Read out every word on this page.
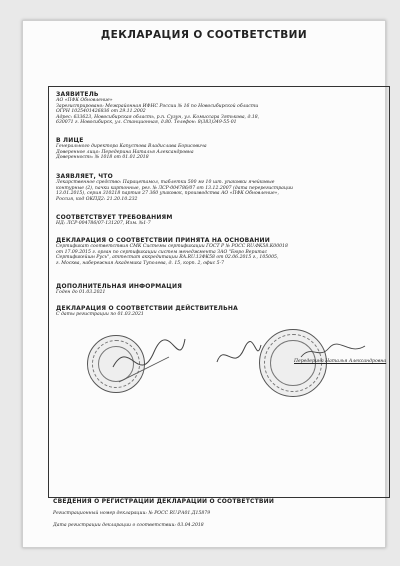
ДЕКЛАРАЦИЯ О СООТВЕТСТВИИ

ЗАЯВИТЕЛЬ

АО «ПФК Обновление»

Зарегистрировано: Межрайонная ИФНС России № 16 по Новосибирской области

ОГРН 1025401426836 от 29.11.2002

Адрес: 633623, Новосибирская область, р.п. Сузун, ул. Комиссара Зятькова, д.18,

630071 г. Новосибирск, ул. Станционная, д.80. Телефон: 8(383)349-55-01

В ЛИЦЕ

Генерального директора Капустова Владислава Борисовича

Доверенное лицо: Передерина Наталья Александровна

Доверенность: № 1018 от 01.01.2018

ЗАЯВЛЯЕТ, ЧТО

Лекарственное средство: Парацетамол, таблетки 500 мг 10 шт. упаковки ячейковые

контурные (2), пачки картонные, рег. № ЛСР-004786/07 от 13.12.2007 (дата перерегистрации

13.01.2015), серия 310218 партия 27 360 упаковок, производства АО «ПФК Обновление»,

Россия, код ОКПД2: 21.20.10.232

СООТВЕТСТВУЕТ ТРЕБОВАНИЯМ

НД: ЛСР-004786/07-131207, Изм. №1-7

ДЕКЛАРАЦИЯ О СООТВЕТСТВИИ ПРИНЯТА НА ОСНОВАНИИ

Сертификат соответствия СМК Системы сертификации ГОСТ Р № РОСС RU.ФК58.К00018

от 17.09.2015 г. орган по сертификации систем менеджмента ЗАО "Бюро Веритас

Сертификейшн Русь", аттестат аккредитации RA.RU.13ФК58 от 02.06.2015 г., 105005,

г. Москва, набережная Академика Туполева, д. 15, корп. 2, офис 5-7

ДОПОЛНИТЕЛЬНАЯ ИНФОРМАЦИЯ

Годен до 01.03.2021

ДЕКЛАРАЦИЯ О СООТВЕТСТВИИ ДЕЙСТВИТЕЛЬНА

С даты регистрации по 01.03.2021

Передерина Наталья Александровна

СВЕДЕНИЯ О РЕГИСТРАЦИИ ДЕКЛАРАЦИИ О СООТВЕТСТВИИ

Регистрационный номер декларации: № РОСС RU.РА01.Д15879

Дата регистрации декларации о соответствии: 03.04.2018
